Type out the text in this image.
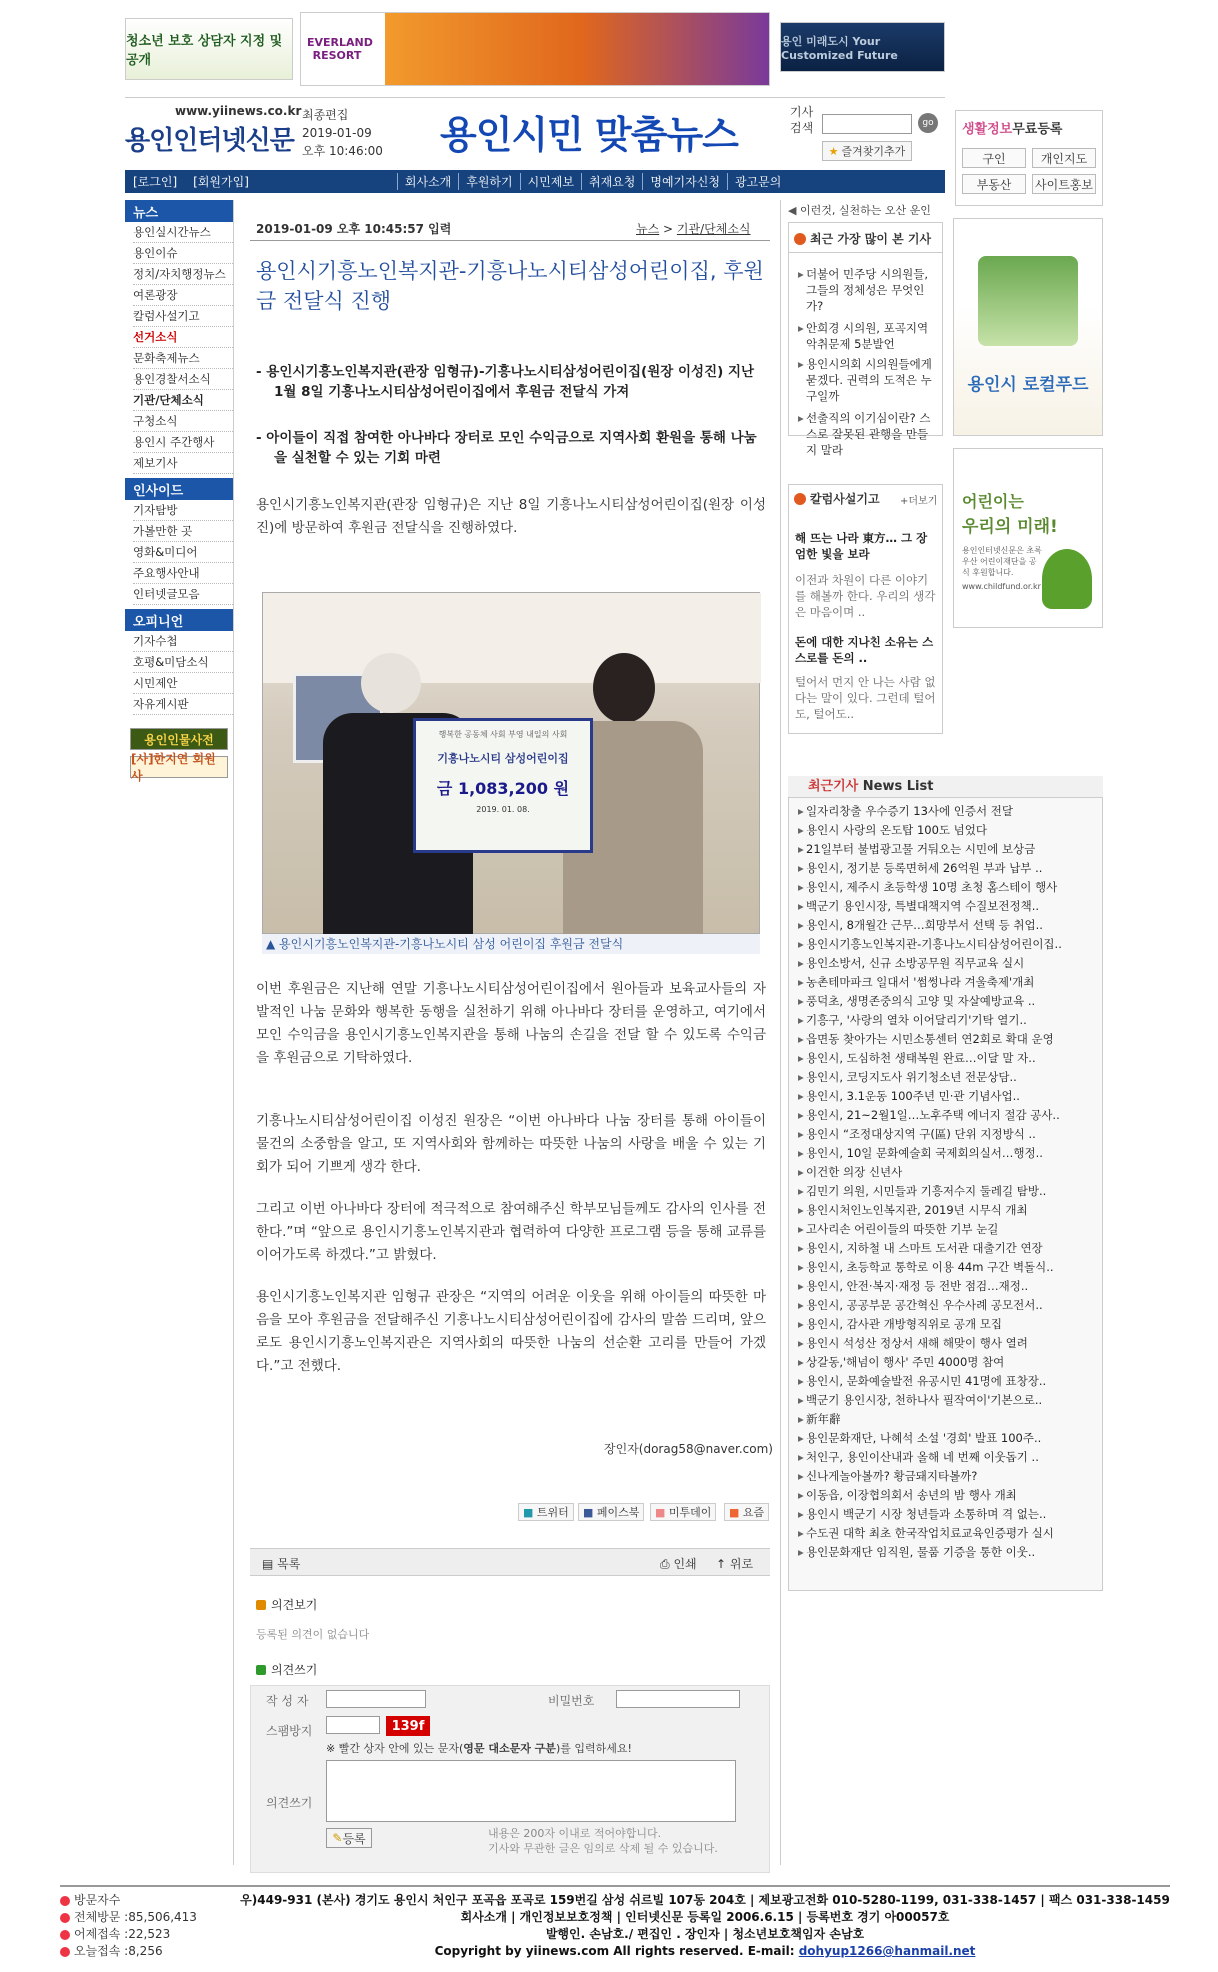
청소년 보호 상담자 지정 및 공개
EVERLAND RESORT
용인 미래도시 Your Customized Future
www.yiinews.co.kr
용인인터넷신문
최종편집
2019-01-09
오후 10:46:00 용인시민 맞춤뉴스
기사검색	go
★ 즐겨찾기추가
[로그인]	[회원가입]	회사소개	후원하기	시민제보	취재요청	명예기자신청	광고문의
생활정보무료등록
구인	개인지도
부동산	사이트홍보
뉴스
용인실시간뉴스
용인이슈
정치/자치행정뉴스
여론광장
칼럼사설기고
선거소식
문화축제뉴스
용인경찰서소식
기관/단체소식
구청소식
용인시 주간행사
제보기사
인사이드
기자탐방
가볼만한 곳
영화&미디어
주요행사안내
인터넷글모음
오피니언
기자수첩
호평&미담소식
시민제안
자유게시판
용인인물사전
[사]한지연 회원사
2019-01-09 오후 10:45:57 입력	뉴스 > 기관/단체소식
용인시기흥노인복지관-기흥나노시티삼성어린이집, 후원금 전달식 진행
- 용인시기흥노인복지관(관장 임형규)-기흥나노시티삼성어린이집(원장 이성진) 지난 1월 8일 기흥나노시티삼성어린이집에서 후원금 전달식 가져
- 아이들이 직접 참여한 아나바다 장터로 모인 수익금으로 지역사회 환원을 통해 나눔을 실천할 수 있는 기회 마련
용인시기흥노인복지관(관장 임형규)은 지난 8일 기흥나노시티삼성어린이집(원장 이성진)에 방문하여 후원금 전달식을 진행하였다.
행복한 공동체 사회 부영 내일의 사회
기흥나노시티 삼성어린이집
금 1,083,200 원
2019. 01. 08.
▲ 용인시기흥노인복지관-기흥나노시티 삼성 어린이집 후원금 전달식
이번 후원금은 지난해 연말 기흥나노시티삼성어린이집에서 원아들과 보육교사들의 자발적인 나눔 문화와 행복한 동행을 실천하기 위해 아나바다 장터를 운영하고, 여기에서 모인 수익금을 용인시기흥노인복지관을 통해 나눔의 손길을 전달 할 수 있도록 수익금을 후원금으로 기탁하였다.
기흥나노시티삼성어린이집 이성진 원장은 “이번 아나바다 나눔 장터를 통해 아이들이 물건의 소중함을 알고, 또 지역사회와 함께하는 따뜻한 나눔의 사랑을 배울 수 있는 기회가 되어 기쁘게 생각 한다.
그리고 이번 아나바다 장터에 적극적으로 참여해주신 학부모님들께도 감사의 인사를 전한다.”며 “앞으로 용인시기흥노인복지관과 협력하여 다양한 프로그램 등을 통해 교류를 이어가도록 하겠다.”고 밝혔다.
용인시기흥노인복지관 임형규 관장은 “지역의 어려운 이웃을 위해 아이들의 따뜻한 마음을 모아 후원금을 전달해주신 기흥나노시티삼성어린이집에 감사의 말씀 드리며, 앞으로도 용인시기흥노인복지관은 지역사회의 따뜻한 나눔의 선순환 고리를 만들어 가겠다.”고 전했다.
장인자(dorag58@naver.com)
■
트위터 ■
페이스북 ■
미투데이 ■
요즘
▤ 목록	⎙ 인쇄 ↑ 위로
의견보기
등록된 의견이 없습니다
의견쓰기
작 성 자	비밀번호
스팸방지	139f
※ 빨간 상자 안에 있는 문자(영문 대소문자 구분)를 입력하세요!
의견쓰기
✎ 등록	내용은 200자 이내로 적어야합니다.
기사와 무관한 글은 임의로 삭제 될 수 있습니다.
◀ 이런것, 실천하는 오산 운인
최근 가장 많이 본 기사
▸ 더불어 민주당 시의원들, 그들의 정체성은 무엇인가?
▸ 안희경 시의원, 포곡지역 악취문제 5분발언
▸ 용인시의회 시의원들에게 묻겠다. 권력의 도적은 누구일까
▸ 선출직의 이기심이란? 스스로 잘못된 관행을 만들지 말라
칼럼사설기고 +더보기
해 뜨는 나라 東方… 그 장엄한 빛을 보라
이전과 차원이 다른 이야기를 해볼까 한다. 우리의 생각은 마음이며 ..
돈에 대한 지나친 소유는 스스로를 돈의 ..
털어서 먼지 안 나는 사람 없다는 말이 있다. 그런데 털어도, 털어도..
최근기사 News List
▸ 일자리창출 우수증기 13사에 인증서 전달
▸ 용인시 사랑의 온도탑 100도 넘었다
▸ 21일부터 불법광고물 거둬오는 시민에 보상금
▸ 용인시, 정기분 등록면허세 26억원 부과 납부 ..
▸ 용인시, 제주시 초등학생 10명 초청 홈스테이 행사
▸ 백군기 용인시장, 특별대책지역 수질보전정책..
▸ 용인시, 8개월간 근무…희망부서 선택 등 취업..
▸ 용인시기흥노인복지관-기흥나노시티삼성어린이집..
▸ 용인소방서, 신규 소방공무원 직무교육 실시
▸ 농촌테마파크 일대서 '썸썽나라 겨울축제'개최
▸ 풍덕초, 생명존중의식 고양 및 자살예방교육 ..
▸ 기흥구, '사랑의 열차 이어달리기'기탁 열기..
▸ 읍면동 찾아가는 시민소통센터 연2회로 확대 운영
▸ 용인시, 도심하천 생태복원 완료…이달 말 자..
▸ 용인시, 코딩지도사 위기청소년 전문상담..
▸ 용인시, 3.1운동 100주년 민·관 기념사업..
▸ 용인시, 21~2월1일…노후주택 에너지 절감 공사..
▸ 용인시 “조정대상지역 구(區) 단위 지정방식 ..
▸ 용인시, 10일 문화예술회 국제회의실서…행정..
▸ 이건한 의장 신년사
▸ 김민기 의원, 시민들과 기흥저수지 둘레길 탐방..
▸ 용인시처인노인복지관, 2019년 시무식 개최
▸ 고사리손 어린이들의 따뜻한 기부 눈길
▸ 용인시, 지하철 내 스마트 도서관 대출기간 연장
▸ 용인시, 초등학교 통학로 이용 44m 구간 벽돌식..
▸ 용인시, 안전·복지·재정 등 전반 점검…재정..
▸ 용인시, 공공부문 공간혁신 우수사례 공모전서..
▸ 용인시, 감사관 개방형직위로 공개 모집
▸ 용인시 석성산 정상서 새해 해맞이 행사 열려
▸ 상갈동,'해넘이 행사' 주민 4000명 참여
▸ 용인시, 문화예술발전 유공시민 41명에 표창장..
▸ 백군기 용인시장, 천하나사 필작여이'기본으로..
▸ 新年辭
▸ 용인문화재단, 나혜석 소설 '경희' 발표 100주..
▸ 처인구, 용인이산내과 올해 네 번째 이웃돕기 ..
▸ 신나게놀아볼까? 황금돼지타볼까?
▸ 이동읍, 이장협의회서 송년의 밤 행사 개최
▸ 용인시 백군기 시장 청년들과 소통하며 격 없는..
▸ 수도권 대학 최초 한국작업치료교육인증평가 실시
▸ 용인문화재단 임직원, 물품 기증을 통한 이웃..
용인시 로컬푸드
어린이는
우리의 미래!
용인인터넷신문은 초록우산 어린이재단을 공식 후원합니다.
www.childfund.or.kr
방문자수
전체방문 : 85,506,413
어제접속 : 22,523
오늘접속 : 8,256
우)449-931 (본사) 경기도 용인시 처인구 포곡읍 포곡로 159번길 삼성 쉬르빌 107동 204호 | 제보광고전화 010-5280-1199, 031-338-1457 | 팩스 031-338-1459
회사소개 | 개인정보보호정책 | 인터넷신문 등록일 2006.6.15 | 등록번호 경기 아00057호
발행인. 손남호./ 편집인 . 장인자 | 청소년보호책임자 손남호
Copyright by yiinews.com All rights reserved. E-mail: dohyup1266@hanmail.net
